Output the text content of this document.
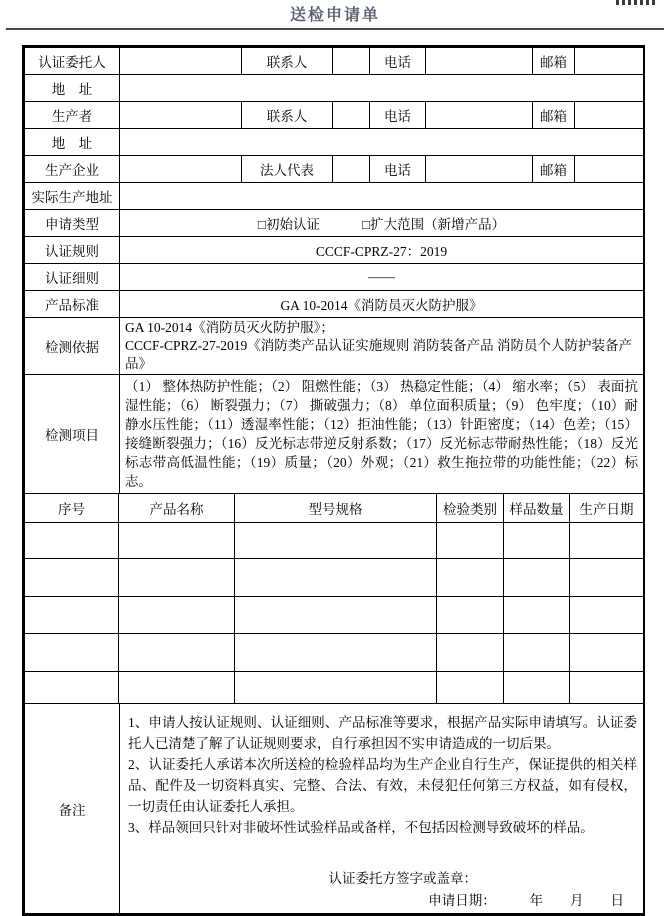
送检申请单
认证委托人		联系人		电话		邮箱	
地　址							
生产者		联系人		电话		邮箱	
地　址							
生产企业		法人代表		电话		邮箱	
实际生产地址							
申请类型	□初始认证 □扩大范围（新增产品）						
认证规则	CCCF-CPRZ-27：2019						
认证细则	——						
产品标准	GA 10-2014《消防员灭火防护服》						
检测依据	GA 10-2014《消防员灭火防护服》；
CCCF-CPRZ-27-2019《消防类产品认证实施规则 消防装备产品 消防员个人防护装备产品》						

检测项目	（1） 整体热防护性能；（2） 阻燃性能；（3） 热稳定性能；（4） 缩水率；（5） 表面抗湿性能；（6） 断裂强力；（7） 撕破强力；（8） 单位面积质量；（9） 色牢度；（10）耐静水压性能；（11）透湿率性能；（12）拒油性能；（13）针距密度；（14）色差；（15）接缝断裂强力；（16）反光标志带逆反射系数；（17）反光标志带耐热性能；（18）反光标志带高低温性能；（19）质量；（20）外观；（21）救生拖拉带的功能性能；（22）标志。						
序号	产品名称	型号规格	检验类别	样品数量	生产日期

备注	
1、申请人按认证规则、认证细则、产品标准等要求，根据产品实际申请填写。认证委托人已清楚了解了认证规则要求，自行承担因不实申请造成的一切后果。
2、认证委托人承诺本次所送检的检验样品均为生产企业自行生产，保证提供的相关样品、配件及一切资料真实、完整、合法、有效，未侵犯任何第三方权益，如有侵权，一切责任由认证委托人承担。
3、样品领回只针对非破坏性试验样品或备样，不包括因检测导致破坏的样品。
认证委托方签字或盖章：
申请日期：　　　年　　月　　日
